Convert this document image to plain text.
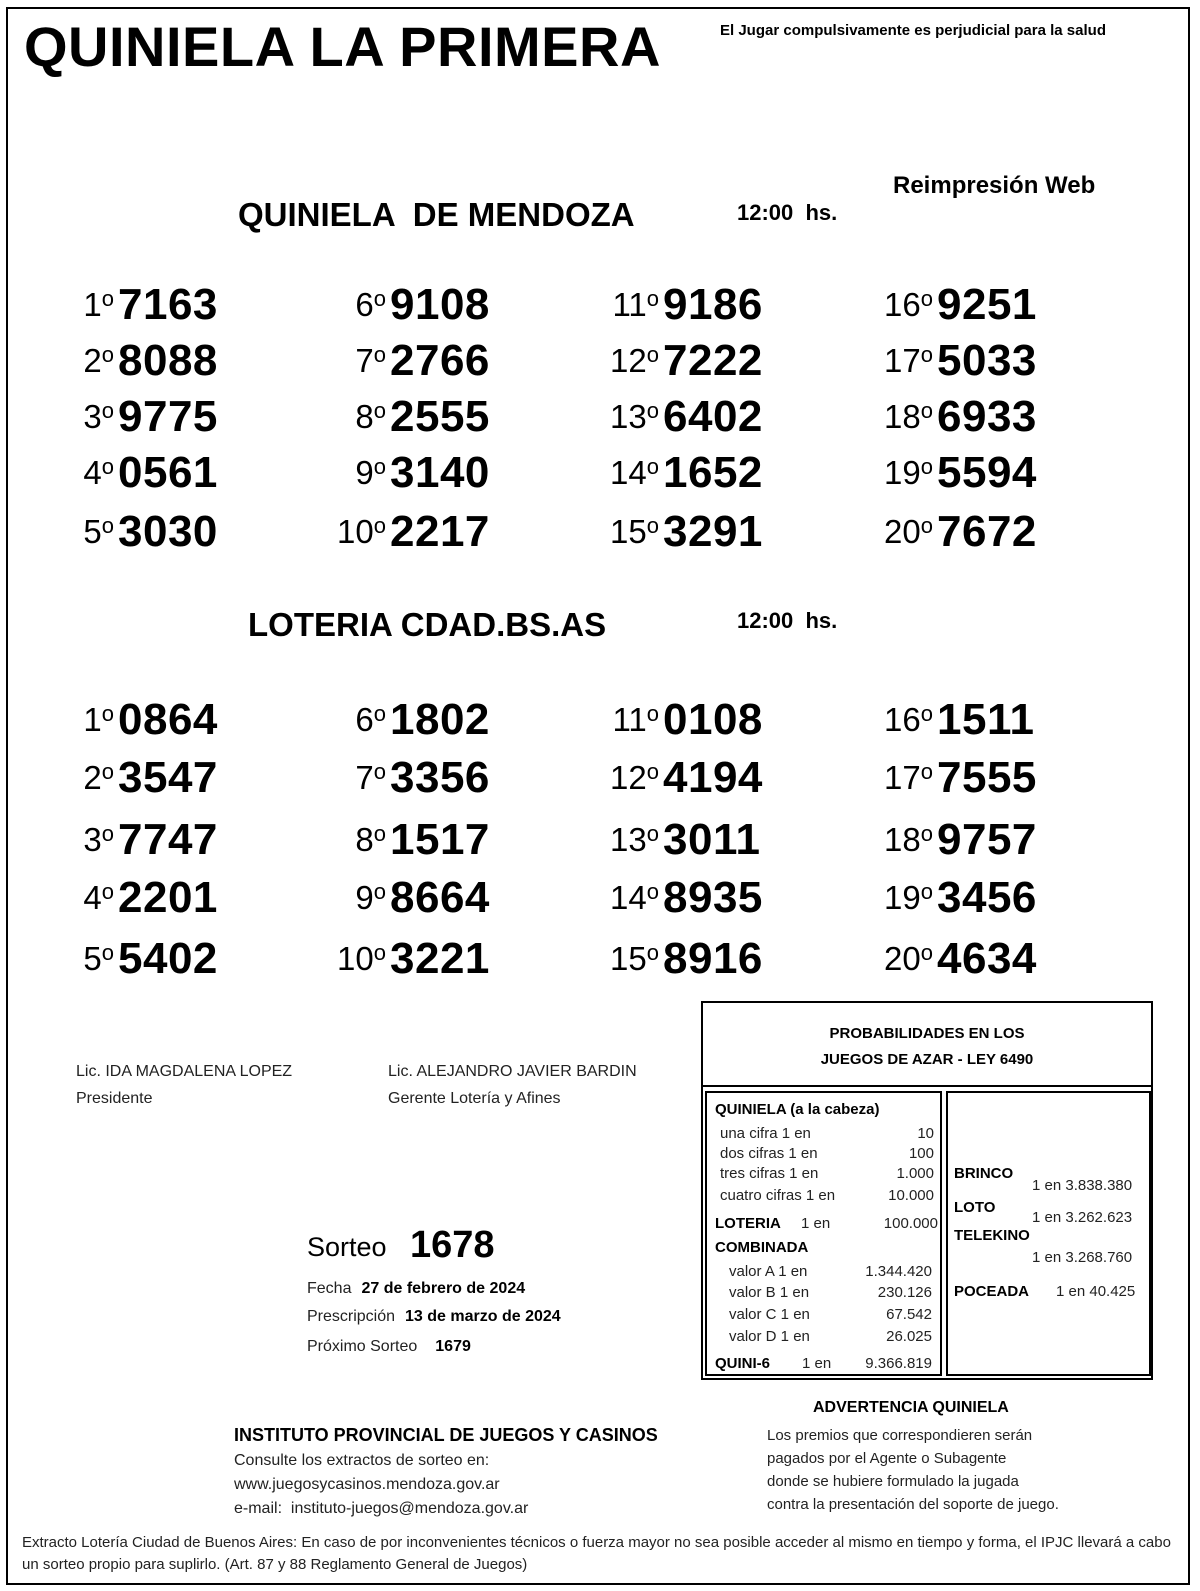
QUINIELA LA PRIMERA	El Jugar compulsivamente es perjudicial para la salud
Reimpresión Web
QUINIELA  DE MENDOZA	12:00  hs.
1$^o$ 7163
2$^o$ 8088
3$^o$ 9775
4$^o$ 0561
5$^o$ 3030
6$^o$ 9108
7$^o$ 2766
8$^o$ 2555
9$^o$ 3140
10$^o$ 2217
11$^o$ 9186
12$^o$ 7222
13$^o$ 6402
14$^o$ 1652
15$^o$ 3291
16$^o$ 9251
17$^o$ 5033
18$^o$ 6933
19$^o$ 5594
20$^o$ 7672
LOTERIA CDAD.BS.AS	12:00  hs.
1$^o$ 0864
2$^o$ 3547
3$^o$ 7747
4$^o$ 2201
5$^o$ 5402
6$^o$ 1802
7$^o$ 3356
8$^o$ 1517
9$^o$ 8664
10$^o$ 3221
11$^o$ 0108
12$^o$ 4194
13$^o$ 3011
14$^o$ 8935
15$^o$ 8916
16$^o$ 1511
17$^o$ 7555
18$^o$ 9757
19$^o$ 3456
20$^o$ 4634
Lic. IDA MAGDALENA LOPEZ
Presidente
Lic. ALEJANDRO JAVIER BARDIN
Gerente Lotería y Afines
Sorteo 1678
Fecha 27 de febrero de 2024
Prescripción 13 de marzo de 2024
Próximo Sorteo 1679
PROBABILIDADES EN LOS
JUEGOS DE AZAR - LEY 6490
QUINIELA (a la cabeza)
una cifra 1 en	10
dos cifras 1 en	100
tres cifras 1 en	1.000
cuatro cifras 1 en	10.000
LOTERIA 1 en	100.000
COMBINADA
valor A 1 en	1.344.420
valor B 1 en	230.126
valor C 1 en	67.542
valor D 1 en	26.025
QUINI-6 1 en 9.366.819
BRINCO
1 en 3.838.380
LOTO
1 en 3.262.623
TELEKINO
1 en 3.268.760
POCEADA 1 en 40.425
ADVERTENCIA QUINIELA
Los premios que correspondieren serán
pagados por el Agente o Subagente
donde se hubiere formulado la jugada
contra la presentación del soporte de juego.
INSTITUTO PROVINCIAL DE JUEGOS Y CASINOS
Consulte los extractos de sorteo en:
www.juegosycasinos.mendoza.gov.ar
e-mail:  instituto-juegos@mendoza.gov.ar
Extracto Lotería Ciudad de Buenos Aires: En caso de por inconvenientes técnicos o fuerza mayor no sea posible acceder al mismo en tiempo y forma, el IPJC llevará a cabo un sorteo propio para suplirlo. (Art. 87 y 88 Reglamento General de Juegos)
